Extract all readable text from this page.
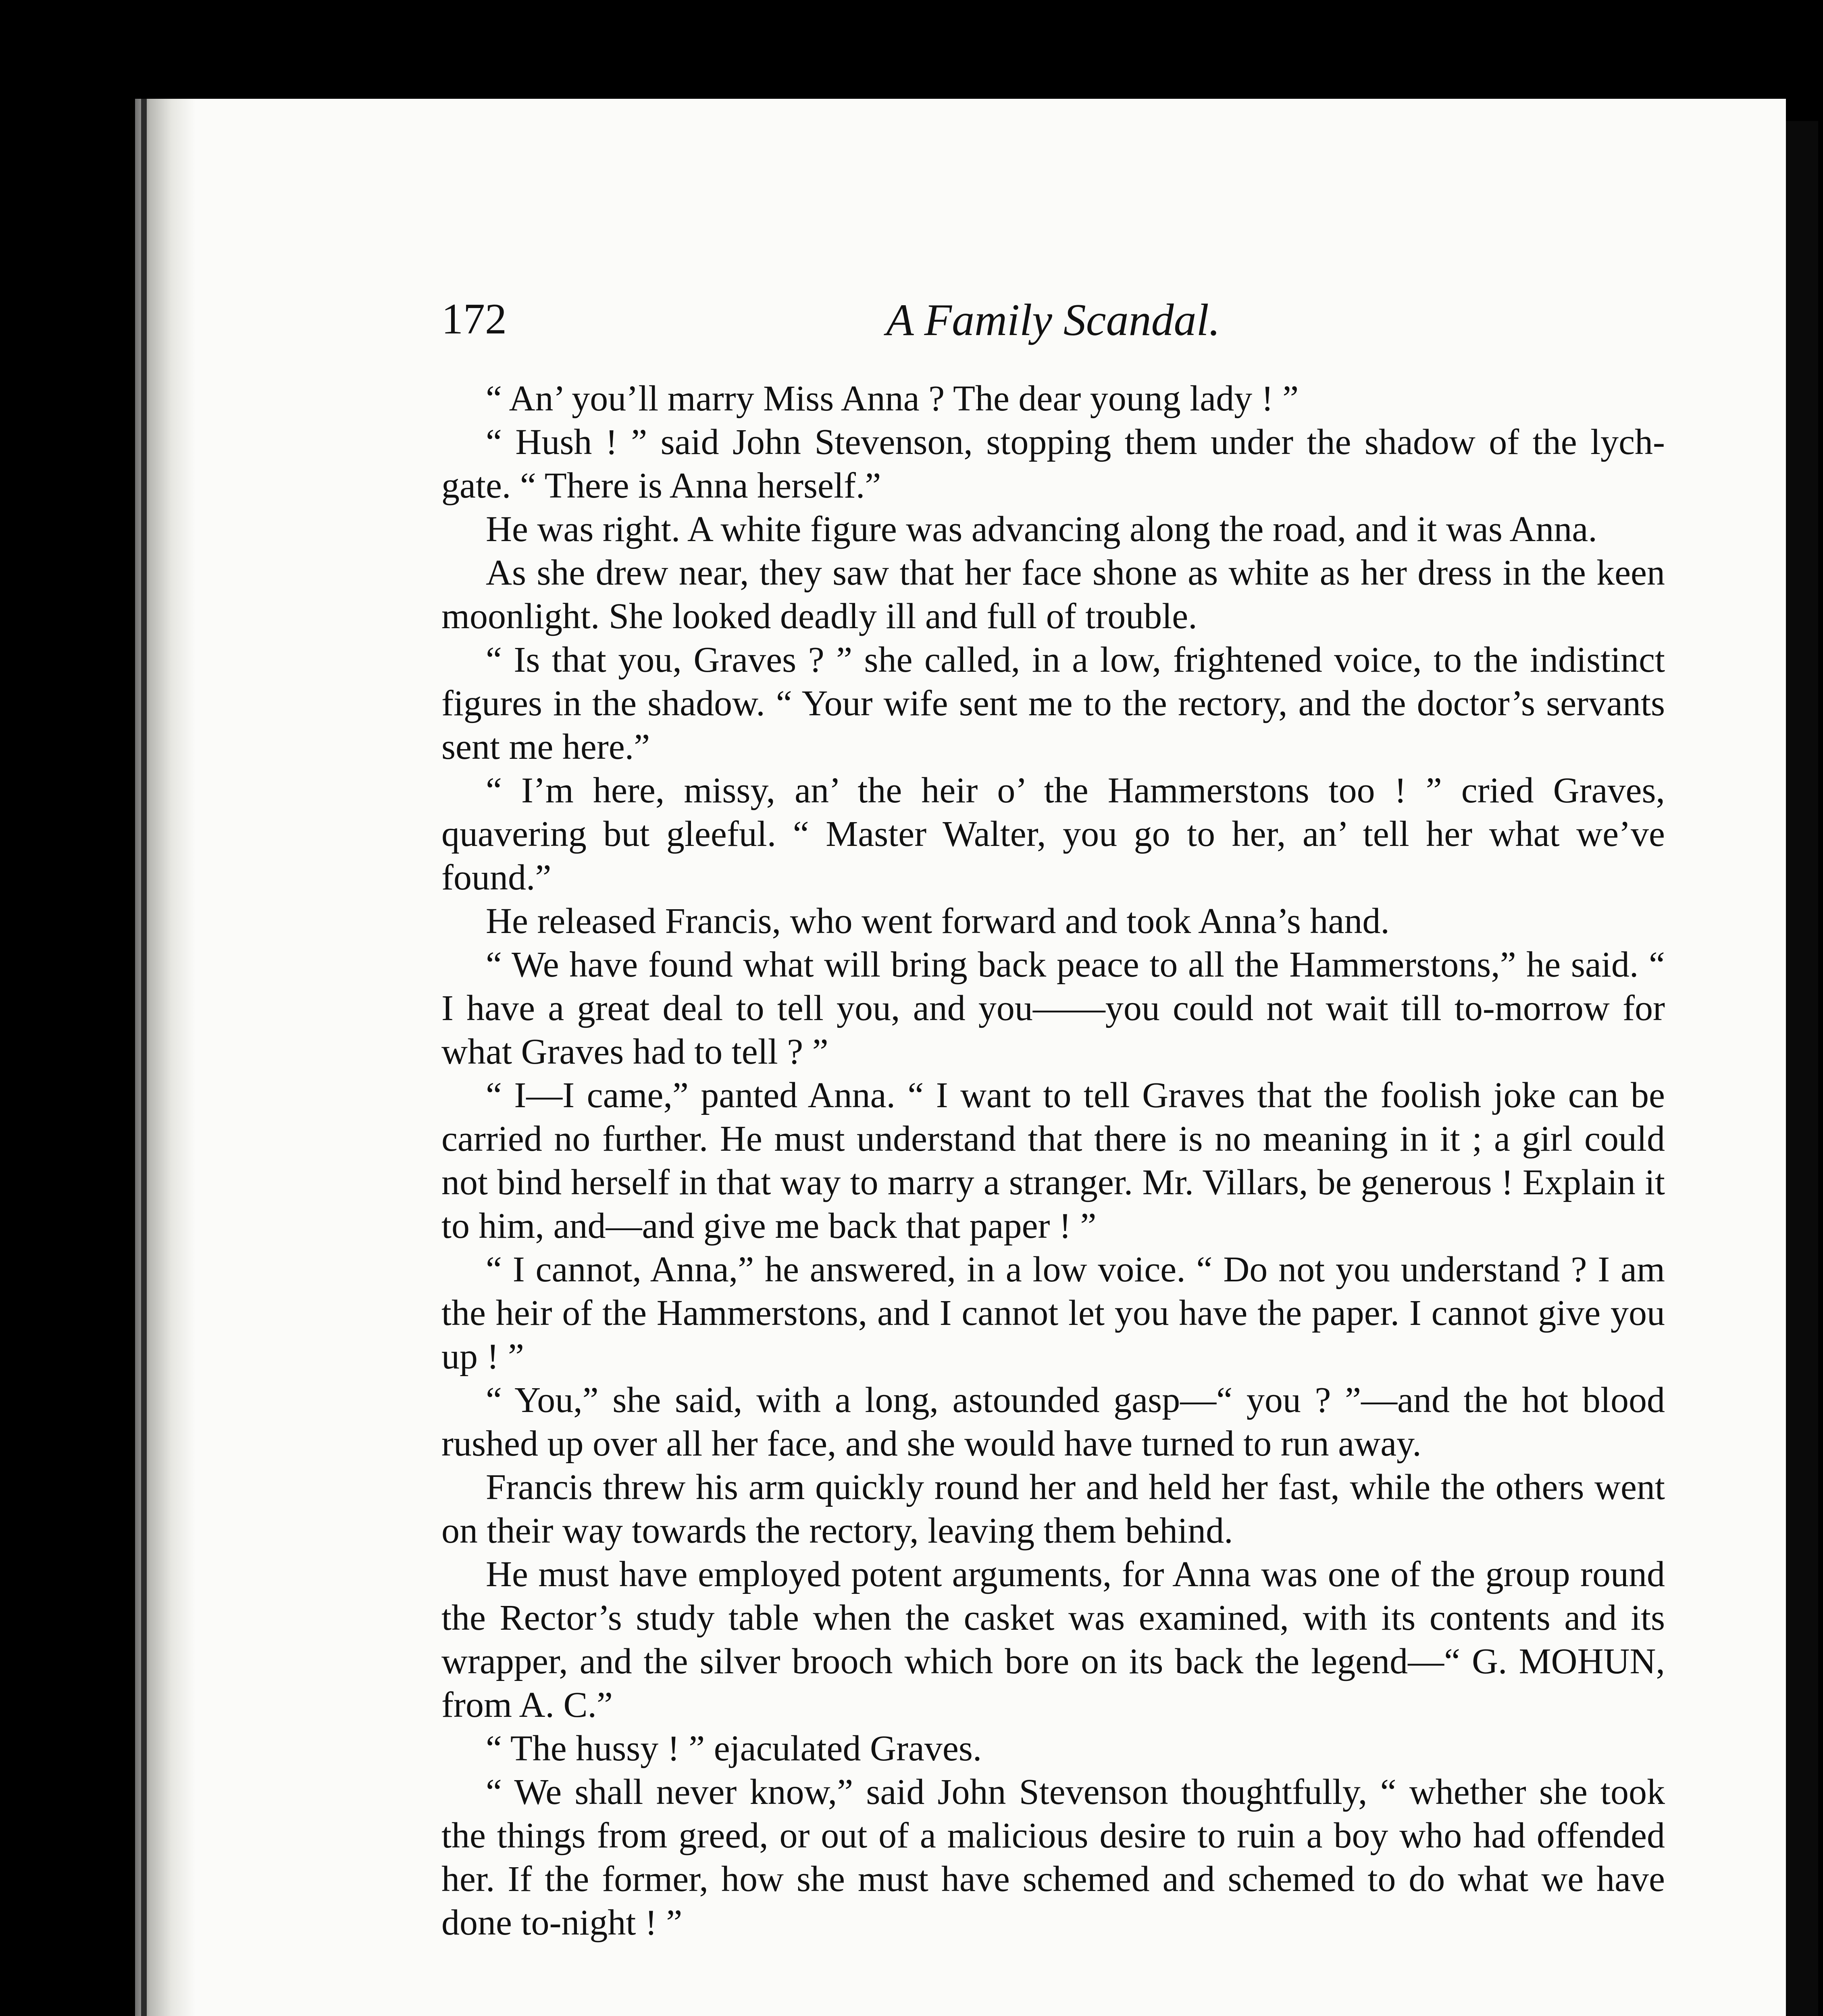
172	A Family Scandal.

“ An’ you’ll marry Miss Anna ? The dear young lady ! ”

“ Hush ! ” said John Stevenson, stopping them under the shadow of the lych-gate. “ There is Anna herself.”

He was right. A white figure was advancing along the road, and it was Anna.

As she drew near, they saw that her face shone as white as her dress in the keen moonlight. She looked deadly ill and full of trouble.

“ Is that you, Graves ? ” she called, in a low, frightened voice, to the indistinct figures in the shadow. “ Your wife sent me to the rectory, and the doctor’s servants sent me here.”

“ I’m here, missy, an’ the heir o’ the Hammerstons too ! ” cried Graves, quavering but gleeful. “ Master Walter, you go to her, an’ tell her what we’ve found.”

He released Francis, who went forward and took Anna’s hand.

“ We have found what will bring back peace to all the Hammerstons,” he said. “ I have a great deal to tell you, and you——you could not wait till to-morrow for what Graves had to tell ? ”

“ I—I came,” panted Anna. “ I want to tell Graves that the foolish joke can be carried no further. He must understand that there is no meaning in it ; a girl could not bind herself in that way to marry a stranger. Mr. Villars, be generous ! Explain it to him, and—and give me back that paper ! ”

“ I cannot, Anna,” he answered, in a low voice. “ Do not you understand ? I am the heir of the Hammerstons, and I cannot let you have the paper. I cannot give you up ! ”

“ You,” she said, with a long, astounded gasp—“ you ? ”—and the hot blood rushed up over all her face, and she would have turned to run away.

Francis threw his arm quickly round her and held her fast, while the others went on their way towards the rectory, leaving them behind.

He must have employed potent arguments, for Anna was one of the group round the Rector’s study table when the casket was examined, with its contents and its wrapper, and the silver brooch which bore on its back the legend—“ G. MOHUN, from A. C.”

“ The hussy ! ” ejaculated Graves.

“ We shall never know,” said John Stevenson thoughtfully, “ whether she took the things from greed, or out of a malicious desire to ruin a boy who had offended her. If the former, how she must have schemed and schemed to do what we have done to-night ! ”
